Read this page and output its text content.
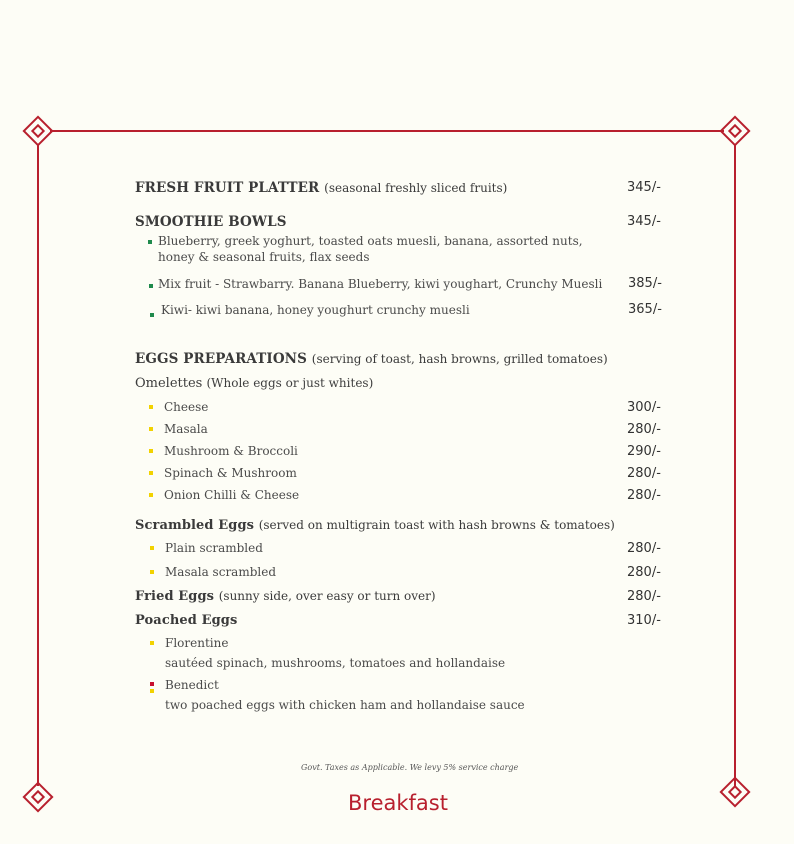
FRESH FRUIT PLATTER (seasonal freshly sliced fruits)	345/-
SMOOTHIE BOWLS	345/-
Blueberry, greek yoghurt, toasted oats muesli, banana, assorted nuts,
honey & seasonal fruits, flax seeds
Mix fruit - Strawbarry. Banana Blueberry, kiwi youghart, Crunchy Muesli 385/-
Kiwi- kiwi banana, honey youghurt crunchy muesli	365/-
EGGS PREPARATIONS (serving of toast, hash browns, grilled tomatoes)
Omelettes (Whole eggs or just whites)
Cheese	300/-
Masala	280/-
Mushroom & Broccoli	290/-
Spinach & Mushroom	280/-
Onion Chilli & Cheese	280/-
Scrambled Eggs (served on multigrain toast with hash browns & tomatoes)
Plain scrambled	280/-
Masala scrambled	280/-
Fried Eggs (sunny side, over easy or turn over)	280/-
Poached Eggs	310/-
Florentine
sautéed spinach, mushrooms, tomatoes and hollandaise
Benedict
two poached eggs with chicken ham and hollandaise sauce
Govt. Taxes as Applicable. We levy 5% service charge
Breakfast
